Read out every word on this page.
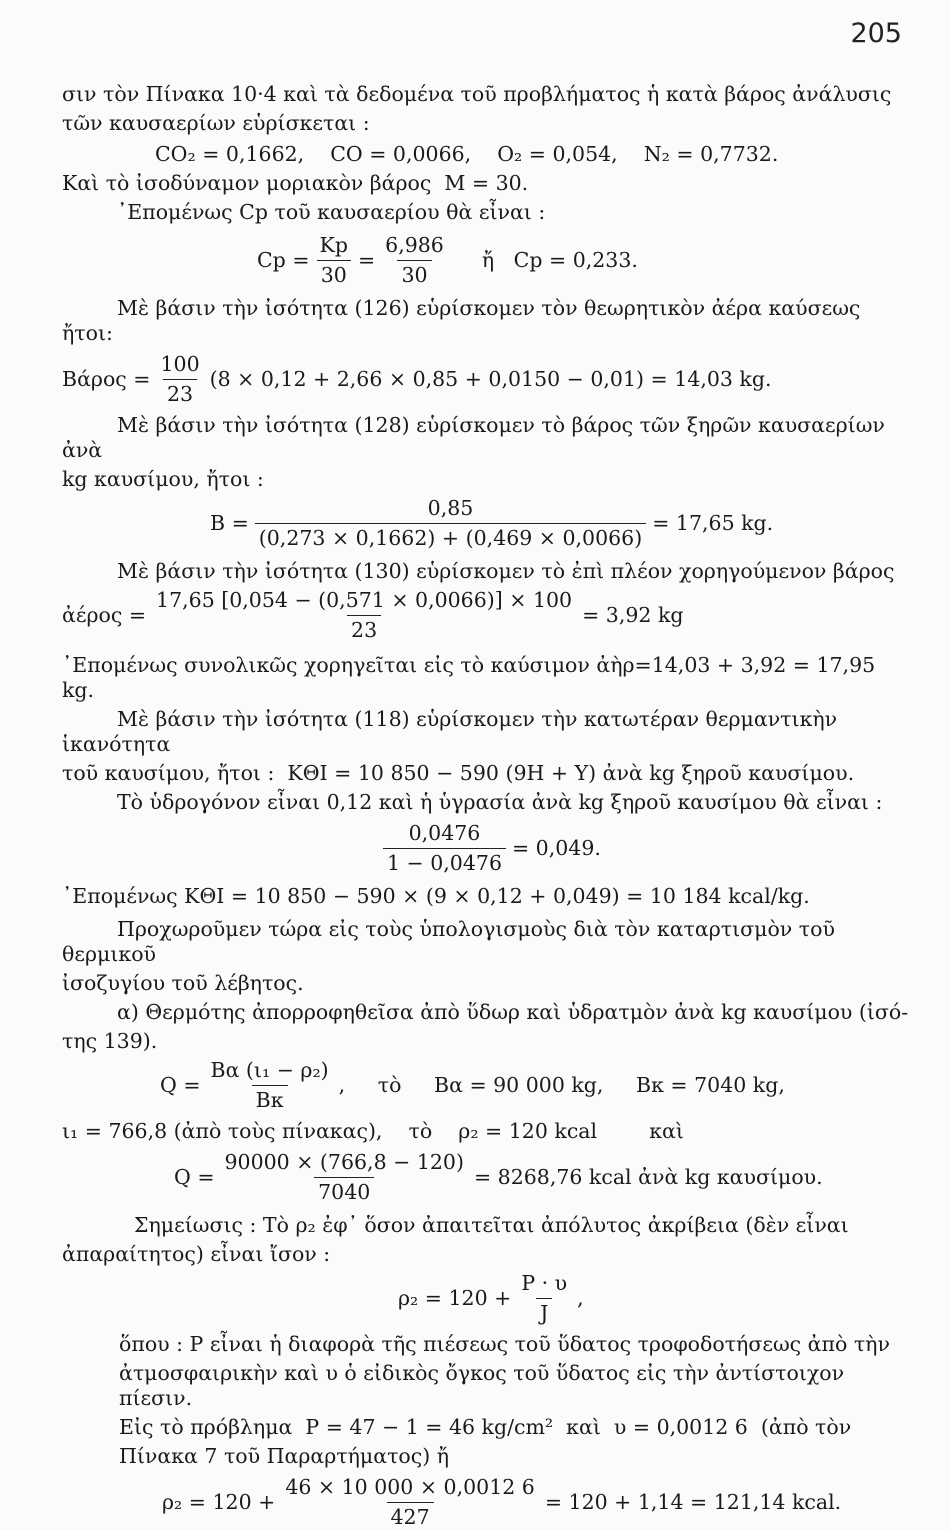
205

σιν τὸν Πίνακα 10·4 καὶ τὰ δεδομένα τοῦ προβλήματος ἡ κατὰ βάρος ἀνάλυσις

τῶν καυσαερίων εὑρίσκεται :

CO₂ = 0,1662,    CO = 0,0066,    O₂ = 0,054,    N₂ = 0,7732.

Καὶ τὸ ἰσοδύναμον μοριακὸν βάρος  M = 30.

᾿Επομένως Cp τοῦ καυσαερίου θὰ εἶναι :

$Cp = \frac{Kp}{30} = \frac{6,986}{30}$ ἤ   Cp = 0,233.

Μὲ βάσιν τὴν ἰσότητα (126) εὑρίσκομεν τὸν θεωρητικὸν ἀέρα καύσεως ἤτοι:

$Bά\rho o\varsigma = \frac{100}{23} (8 \times 0,12 + 2,66 \times 0,85 + 0,0150 - 0,01) = 14,03$ kg.

Μὲ βάσιν τὴν ἰσότητα (128) εὑρίσκομεν τὸ βάρος τῶν ξηρῶν καυσαερίων ἀνὰ

kg καυσίμου, ἤτοι :

$B = \frac{0,85}{(0,273 \times 0,1662) + (0,469 \times 0,0066)} = 17,65$ kg.

Μὲ βάσιν τὴν ἰσότητα (130) εὑρίσκομεν τὸ ἐπὶ πλέον χορηγούμενον βάρος

ἀέρος = $\frac{17,65 [0,054 - (0,571 \times 0,0066)] \times 100}{23} = 3,92$ kg

᾿Επομένως συνολικῶς χορηγεῖται εἰς τὸ καύσιμον ἀὴρ=14,03 + 3,92 = 17,95 kg.

Μὲ βάσιν τὴν ἰσότητα (118) εὑρίσκομεν τὴν κατωτέραν θερμαντικὴν ἱκανότητα

τοῦ καυσίμου, ἤτοι :  ΚΘΙ = 10 850 − 590 (9H + Υ) ἀνὰ kg ξηροῦ καυσίμου.

Τὸ ὑδρογόνον εἶναι 0,12 καὶ ἡ ὑγρασία ἀνὰ kg ξηροῦ καυσίμου θὰ εἶναι :

$\frac{0,0476}{1 - 0,0476} = 0,049$.

᾿Επομένως ΚΘΙ = 10 850 − 590 × (9 × 0,12 + 0,049) = 10 184 kcal/kg.

Προχωροῦμεν τώρα εἰς τοὺς ὑπολογισμοὺς διὰ τὸν καταρτισμὸν τοῦ θερμικοῦ

ἰσοζυγίου τοῦ λέβητος.

α) Θερμότης ἀπορροφηθεῖσα ἀπὸ ὕδωρ καὶ ὑδρατμὸν ἀνὰ kg καυσίμου (ἰσό-

της 139).

$Q = \frac{\text{Bα (ι₁ − ρ₂)}}{B\kappa}$ ,     τὸ     Bα = 90 000 kg,     Bκ = 7040 kg,

ι₁ = 766,8 (ἀπὸ τοὺς πίνακας),    τὸ    ρ₂ = 120 kcal        καὶ

$Q = \frac{90000 \times (766,8 - 120)}{7040} = 8268,76$ kcal ἀνὰ kg καυσίμου.

Σημείωσις : Τὸ ρ₂ ἐφ᾿ ὅσον ἀπαιτεῖται ἀπόλυτος ἀκρίβεια (δὲν εἶναι

ἀπαραίτητος) εἶναι ἴσον :

$\rho_2 = 120 + \frac{P \cdot \upsilon}{J}$ ,

ὅπου : P εἶναι ἡ διαφορὰ τῆς πιέσεως τοῦ ὕδατος τροφοδοτήσεως ἀπὸ τὴν

ἀτμοσφαιρικὴν καὶ υ ὁ εἰδικὸς ὄγκος τοῦ ὕδατος εἰς τὴν ἀντίστοιχον πίεσιν.

Εἰς τὸ πρόβλημα  P = 47 − 1 = 46 kg/cm²  καὶ  υ = 0,0012 6  (ἀπὸ τὸν

Πίνακα 7 τοῦ Παραρτήματος) ἤ

$\rho_2 = 120 + \frac{46 \times 10 000 \times 0,0012 6}{427} = 120 + 1,14 = 121,14$ kcal.
